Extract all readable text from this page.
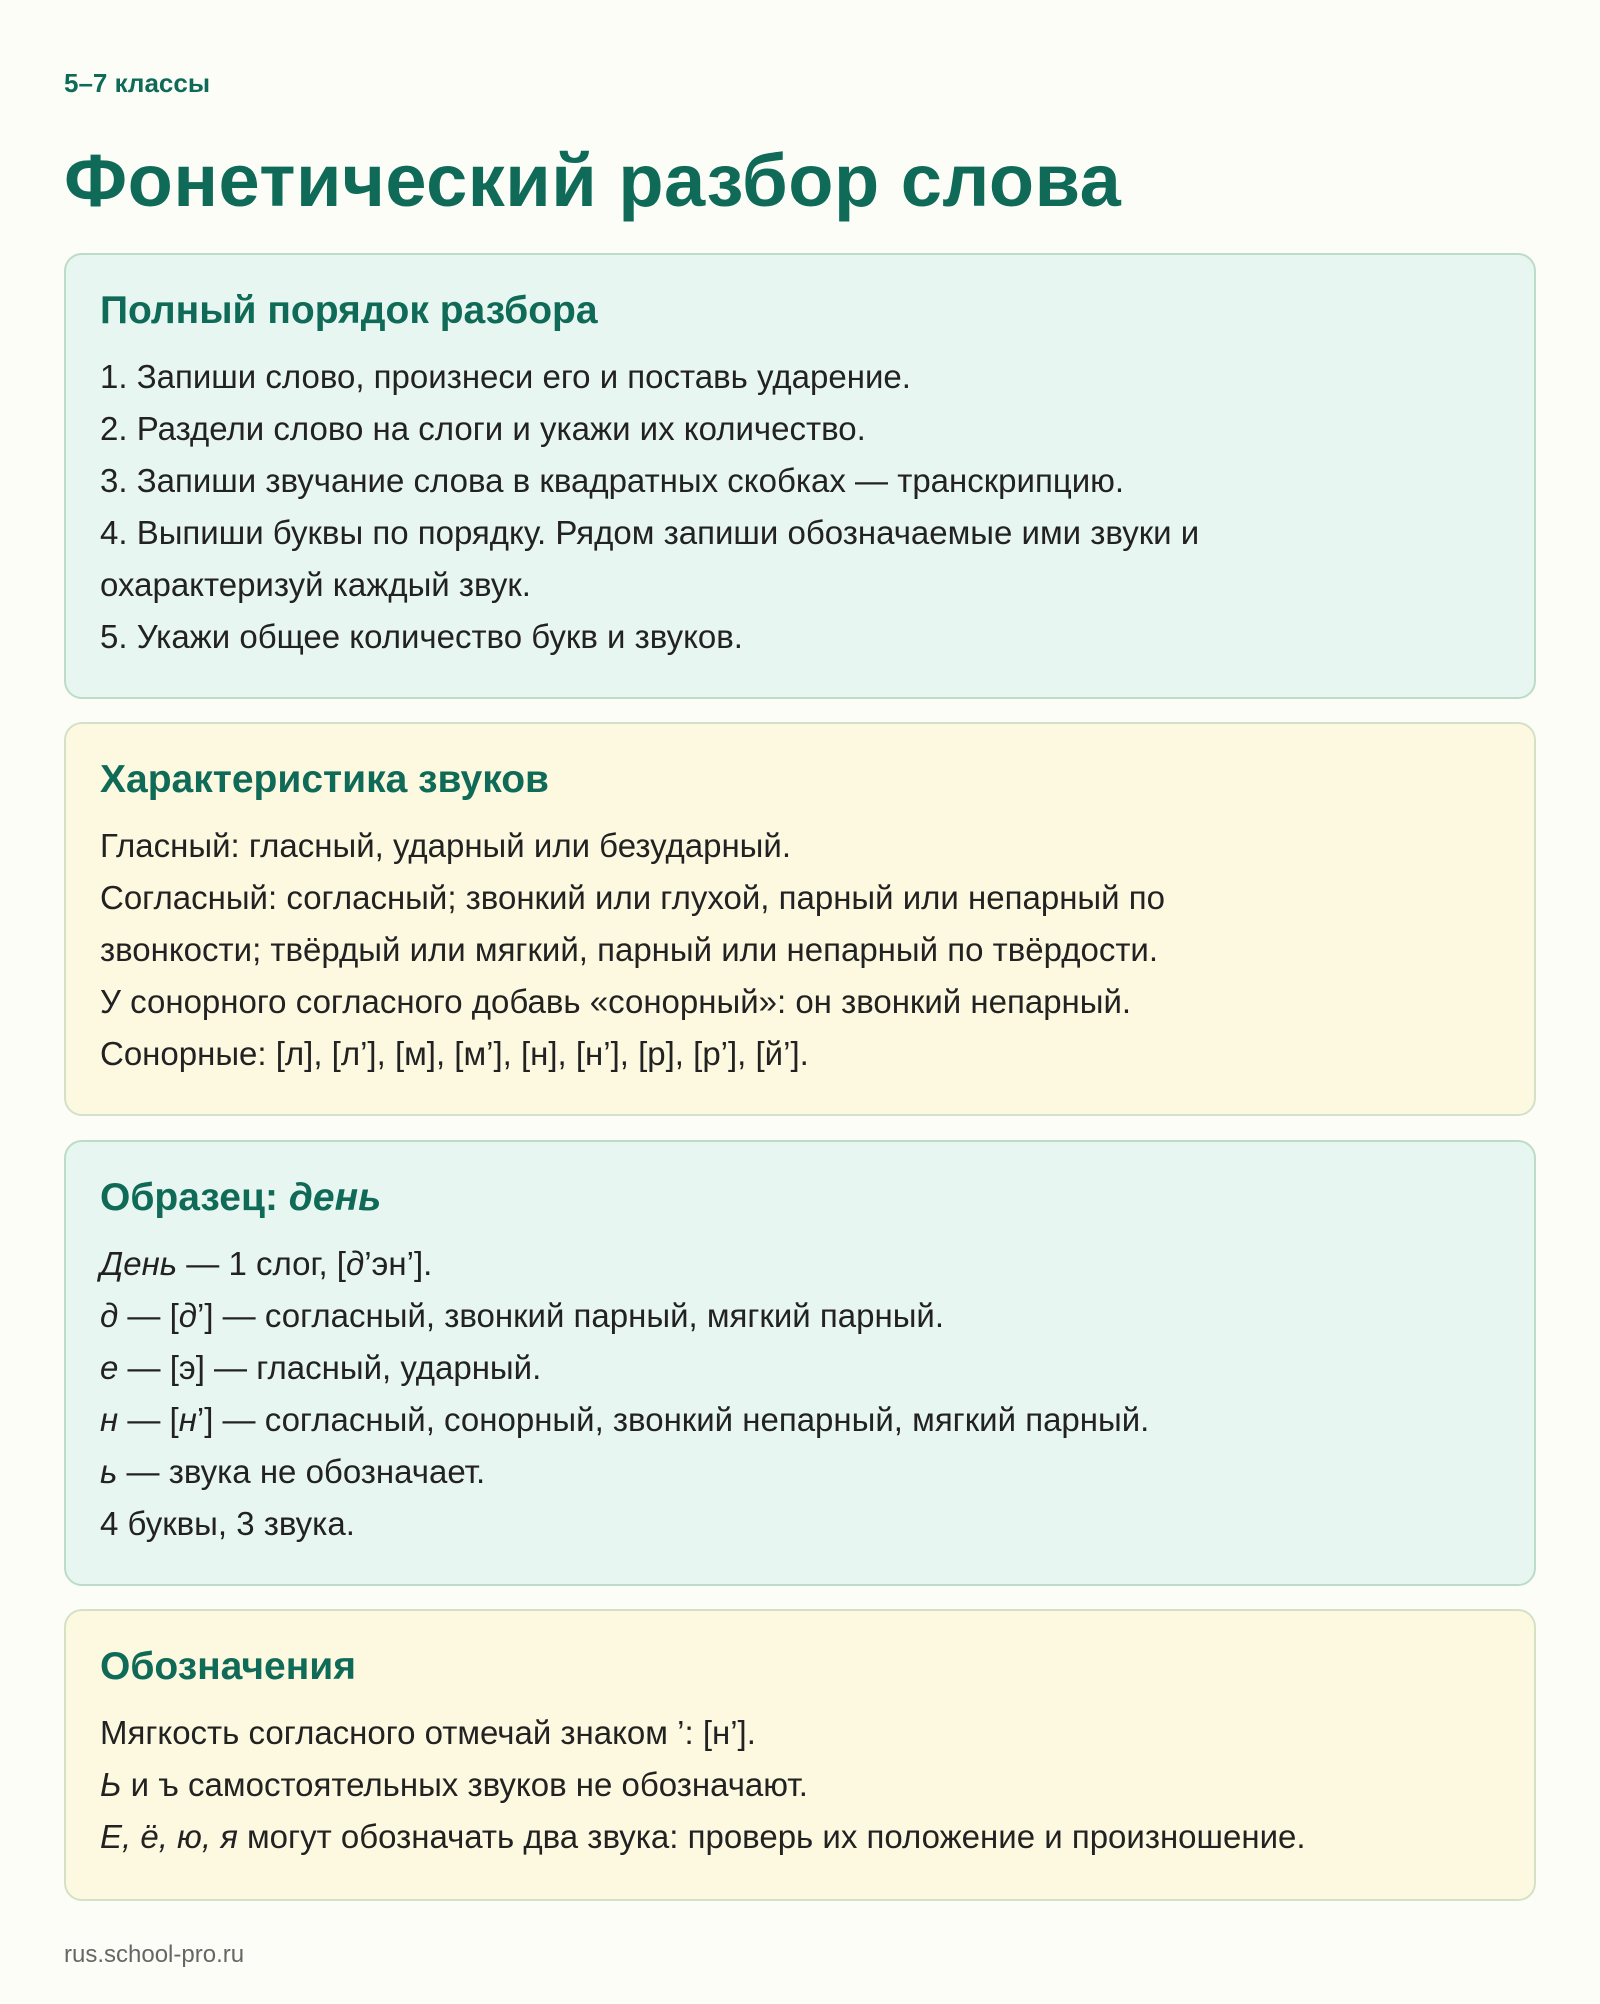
5–7 классы
Фонетический разбор слова
Полный порядок разбора
1. Запиши слово, произнеси его и поставь ударение.
2. Раздели слово на слоги и укажи их количество.
3. Запиши звучание слова в квадратных скобках — транскрипцию.
4. Выпиши буквы по порядку. Рядом запиши обозначаемые ими звуки и
охарактеризуй каждый звук.
5. Укажи общее количество букв и звуков.
Характеристика звуков
Гласный: гласный, ударный или безударный.
Согласный: согласный; звонкий или глухой, парный или непарный по
звонкости; твёрдый или мягкий, парный или непарный по твёрдости.
У сонорного согласного добавь «сонорный»: он звонкий непарный.
Сонорные: [л], [л’], [м], [м’], [н], [н’], [р], [р’], [й’].
Образец: день
День — 1 слог, [д’эн’].
д — [д’] — согласный, звонкий парный, мягкий парный.
е — [э] — гласный, ударный.
н — [н’] — согласный, сонорный, звонкий непарный, мягкий парный.
ь — звука не обозначает.
4 буквы, 3 звука.
Обозначения
Мягкость согласного отмечай знаком ’: [н’].
Ь и ъ самостоятельных звуков не обозначают.
Е, ё, ю, я могут обозначать два звука: проверь их положение и произношение.
rus.school-pro.ru
